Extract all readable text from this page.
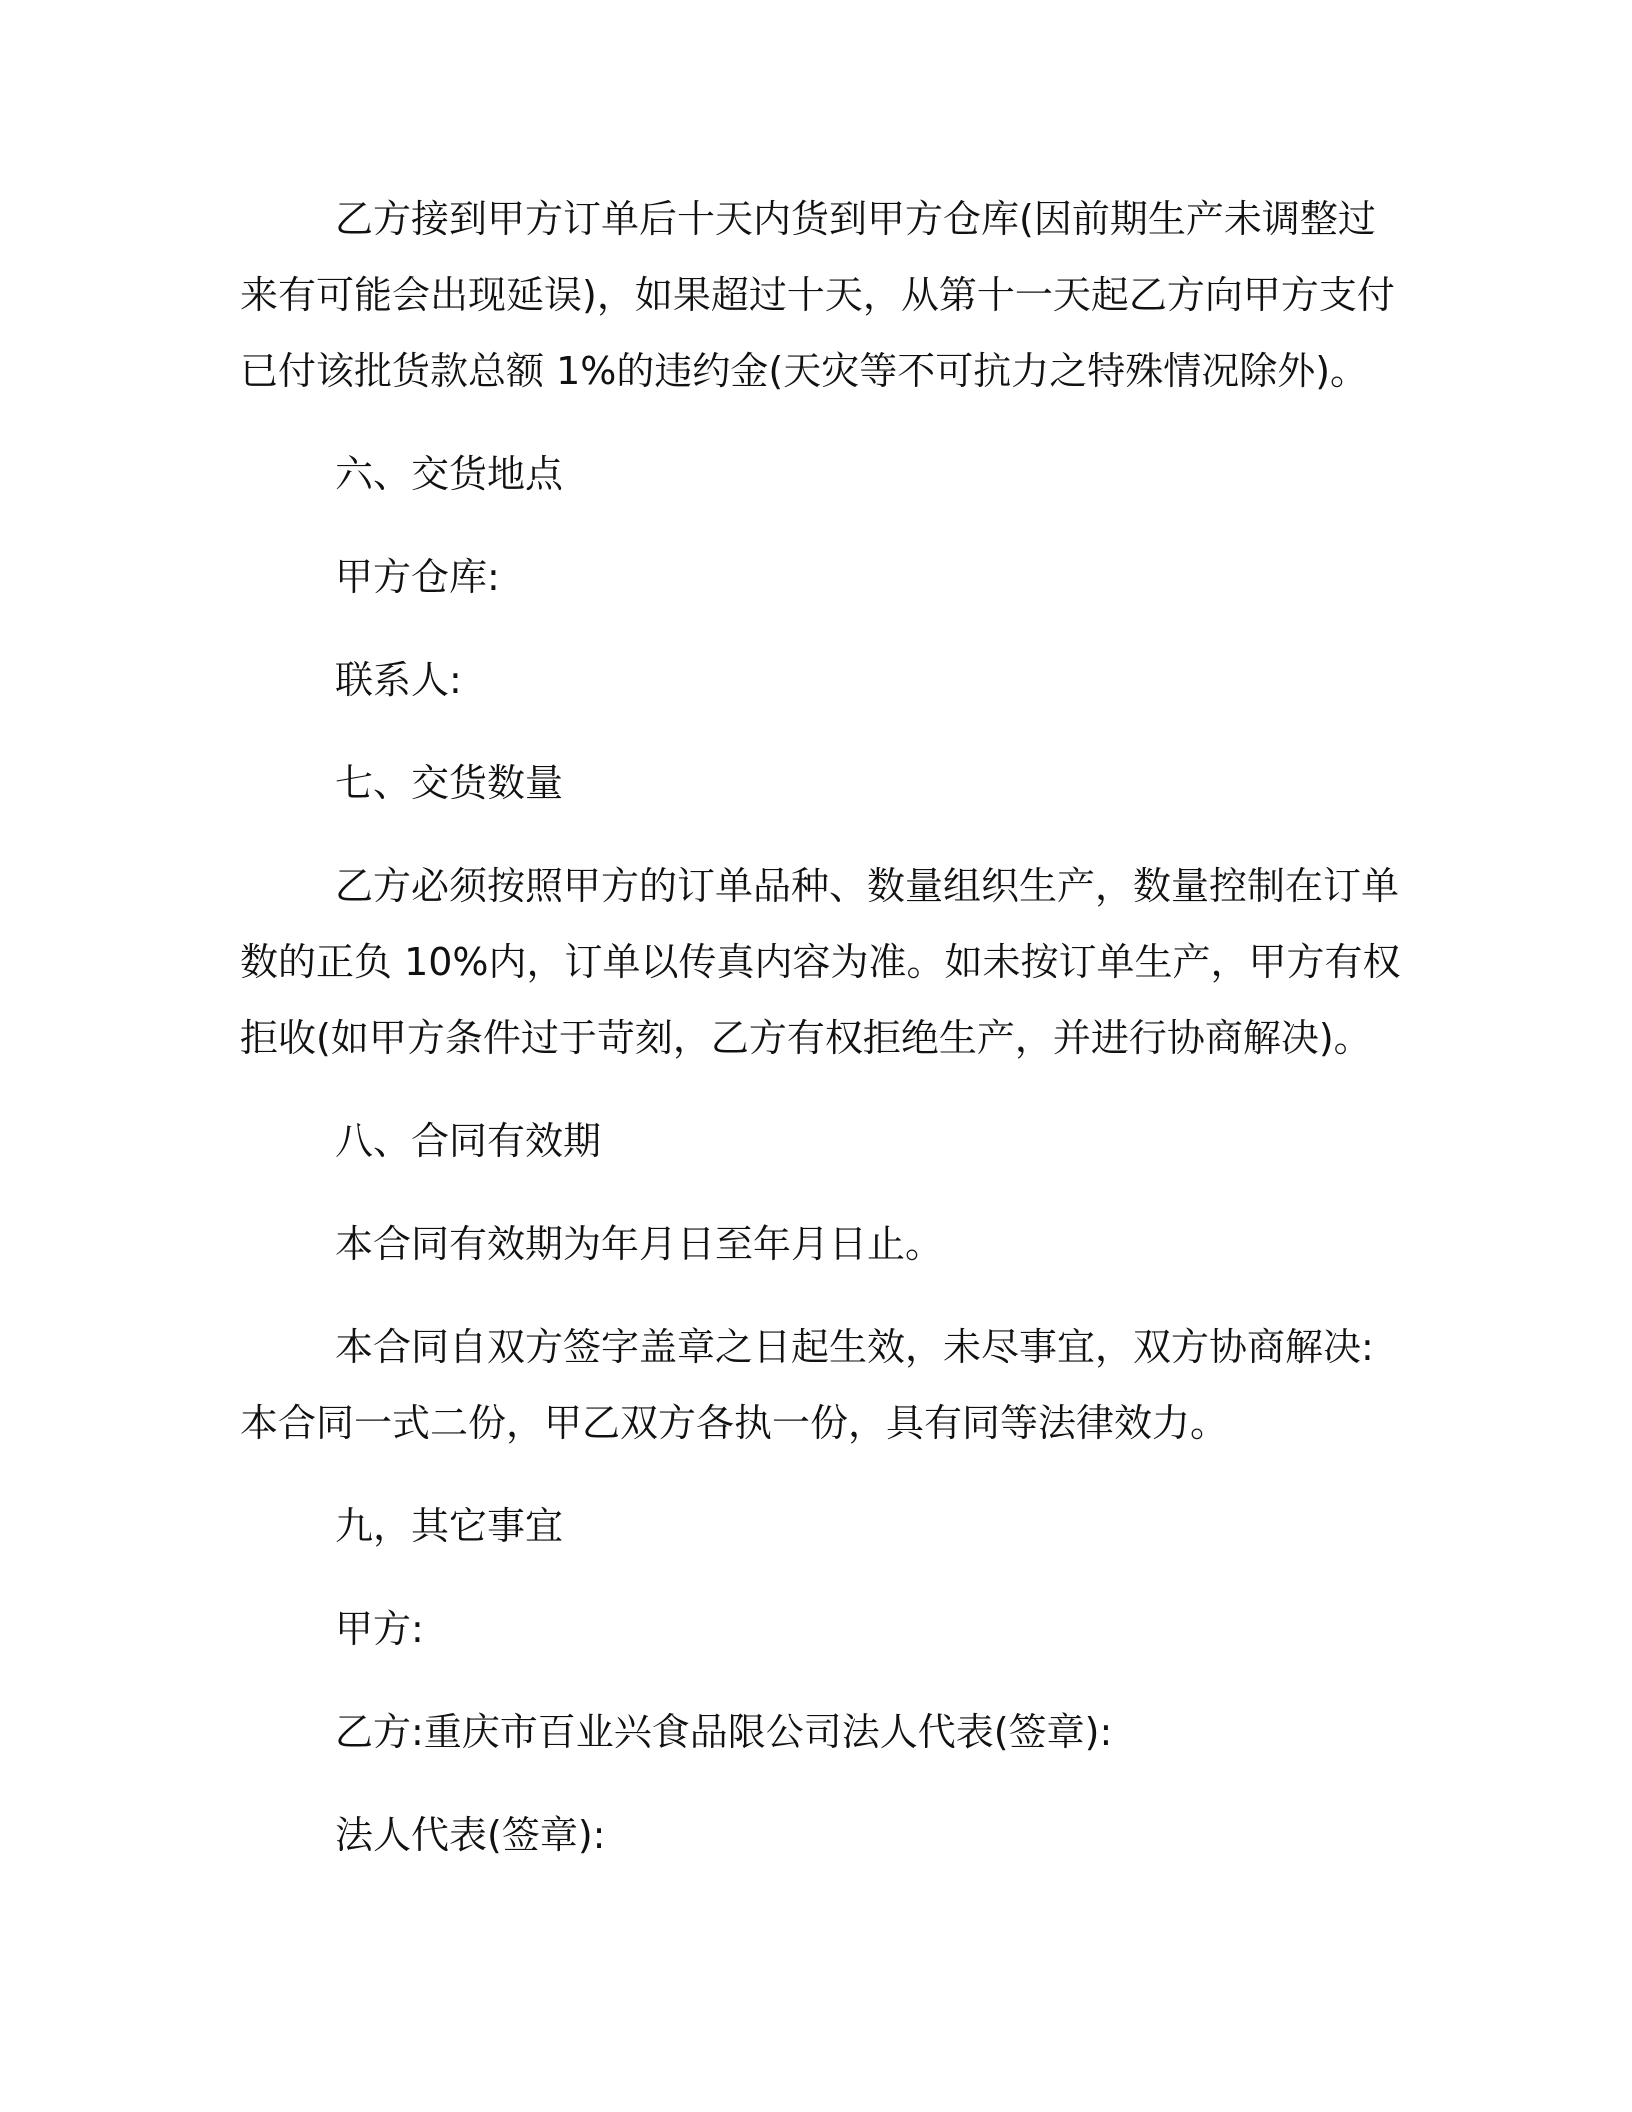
乙方接到甲方订单后十天内货到甲方仓库(因前期生产未调整过
来有可能会出现延误)，如果超过十天，从第十一天起乙方向甲方支付
已付该批货款总额 1%的违约金(天灾等不可抗力之特殊情况除外)。
六、交货地点
甲方仓库:
联系人:
七、交货数量
乙方必须按照甲方的订单品种、数量组织生产，数量控制在订单
数的正负 10%内，订单以传真内容为准。如未按订单生产，甲方有权
拒收(如甲方条件过于苛刻，乙方有权拒绝生产，并进行协商解决)。
八、合同有效期
本合同有效期为年月日至年月日止。
本合同自双方签字盖章之日起生效，未尽事宜，双方协商解决:
本合同一式二份，甲乙双方各执一份，具有同等法律效力。
九，其它事宜
甲方:
乙方:重庆市百业兴食品限公司法人代表(签章):
法人代表(签章):
